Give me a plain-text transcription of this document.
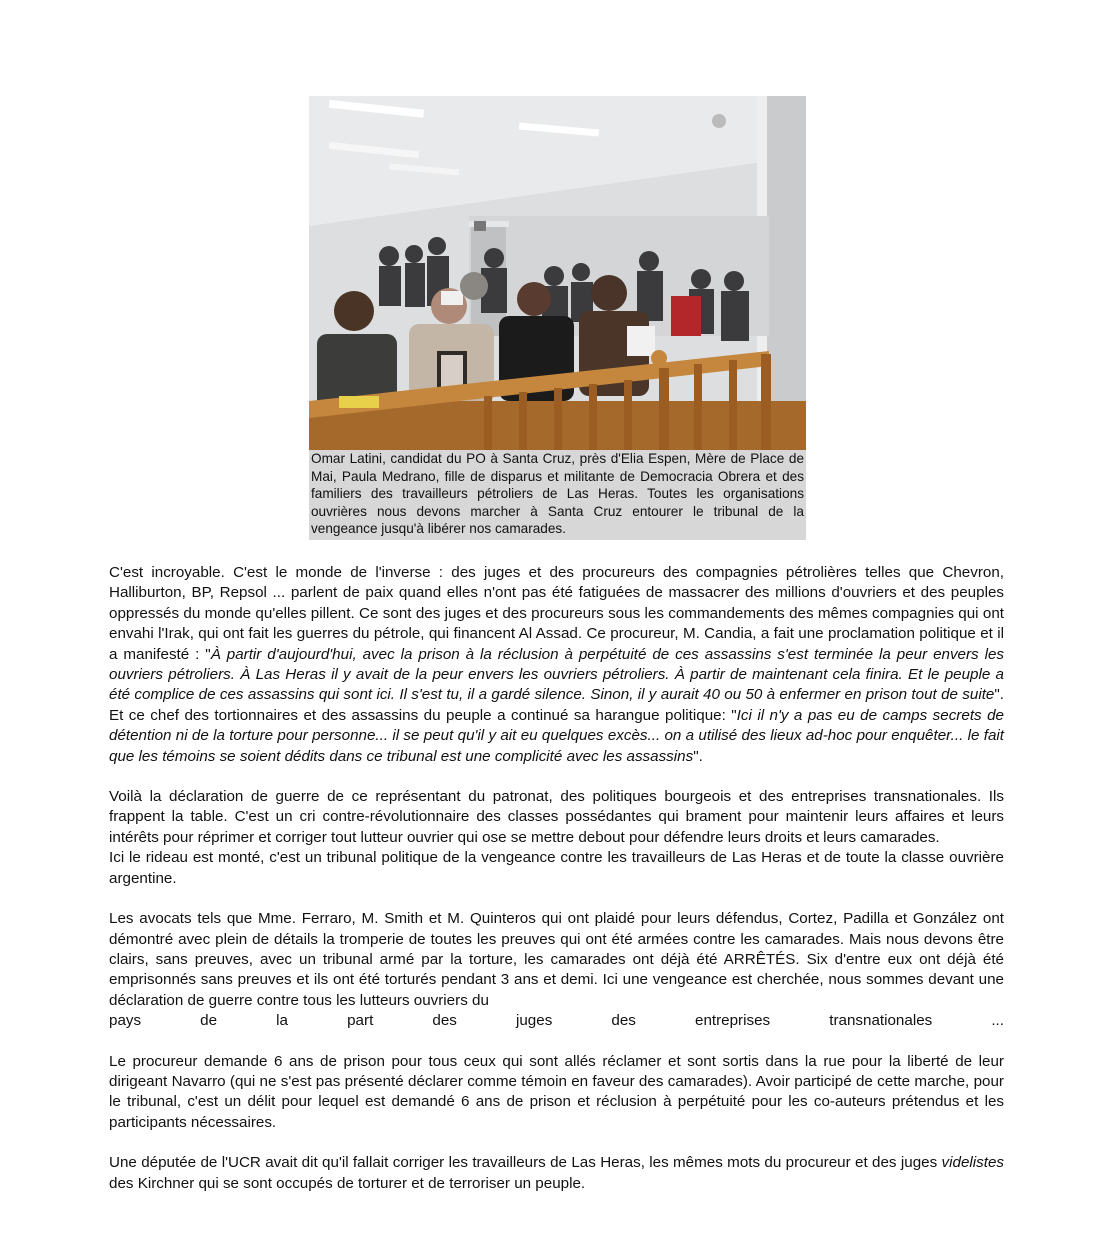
Omar Latini, candidat du PO à Santa Cruz, près d'Elia Espen, Mère de Place de Mai, Paula Medrano, fille de disparus et militante de Democracia Obrera et des familiers des travailleurs pétroliers de Las Heras. Toutes les organisations ouvrières nous devons marcher à Santa Cruz entourer le tribunal de la vengeance jusqu'à libérer nos camarades.

C'est incroyable. C'est le monde de l'inverse : des juges et des procureurs des compagnies pétrolières telles que Chevron, Halliburton, BP, Repsol ... parlent de paix quand elles n'ont pas été fatiguées de massacrer des millions d'ouvriers et des peuples oppressés du monde qu'elles pillent. Ce sont des juges et des procureurs sous les commandements des mêmes compagnies qui ont envahi l'Irak, qui ont fait les guerres du pétrole, qui financent Al Assad. Ce procureur, M. Candia, a fait une proclamation politique et il a manifesté : "À partir d'aujourd'hui, avec la prison à la réclusion à perpétuité de ces assassins s'est terminée la peur envers les ouvriers pétroliers. À Las Heras il y avait de la peur envers les ouvriers pétroliers. À partir de maintenant cela finira. Et le peuple a été complice de ces assassins qui sont ici. Il s'est tu, il a gardé silence. Sinon, il y aurait 40 ou 50 à enfermer en prison tout de suite". Et ce chef des tortionnaires et des assassins du peuple a continué sa harangue politique: "Ici il n'y a pas eu de camps secrets de détention ni de la torture pour personne... il se peut qu'il y ait eu quelques excès... on a utilisé des lieux ad-hoc pour enquêter... le fait que les témoins se soient dédits dans ce tribunal est une complicité avec les assassins".

Voilà la déclaration de guerre de ce représentant du patronat, des politiques bourgeois et des entreprises transnationales. Ils frappent la table. C'est un cri contre-révolutionnaire des classes possédantes qui brament pour maintenir leurs affaires et leurs intérêts pour réprimer et corriger tout lutteur ouvrier qui ose se mettre debout pour défendre leurs droits et leurs camarades.

Ici le rideau est monté, c'est un tribunal politique de la vengeance contre les travailleurs de Las Heras et de toute la classe ouvrière argentine.

Les avocats tels que Mme. Ferraro, M. Smith et M. Quinteros qui ont plaidé pour leurs défendus, Cortez, Padilla et González ont démontré avec plein de détails la tromperie de toutes les preuves qui ont été armées contre les camarades. Mais nous devons être clairs, sans preuves, avec un tribunal armé par la torture, les camarades ont déjà été ARRÊTÉS. Six d'entre eux ont déjà été emprisonnés sans preuves et ils ont été torturés pendant 3 ans et demi. Ici une vengeance est cherchée, nous sommes devant une déclaration de guerre contre tous les lutteurs ouvriers du

pays de la part des juges des entreprises transnationales ...

Le procureur demande 6 ans de prison pour tous ceux qui sont allés réclamer et sont sortis dans la rue pour la liberté de leur dirigeant Navarro (qui ne s'est pas présenté déclarer comme témoin en faveur des camarades). Avoir participé de cette marche, pour le tribunal, c'est un délit pour lequel est demandé 6 ans de prison et réclusion à perpétuité pour les co-auteurs prétendus et les participants nécessaires.

Une députée de l'UCR avait dit qu'il fallait corriger les travailleurs de Las Heras, les mêmes mots du procureur et des juges videlistes des Kirchner qui se sont occupés de torturer et de terroriser un peuple.
